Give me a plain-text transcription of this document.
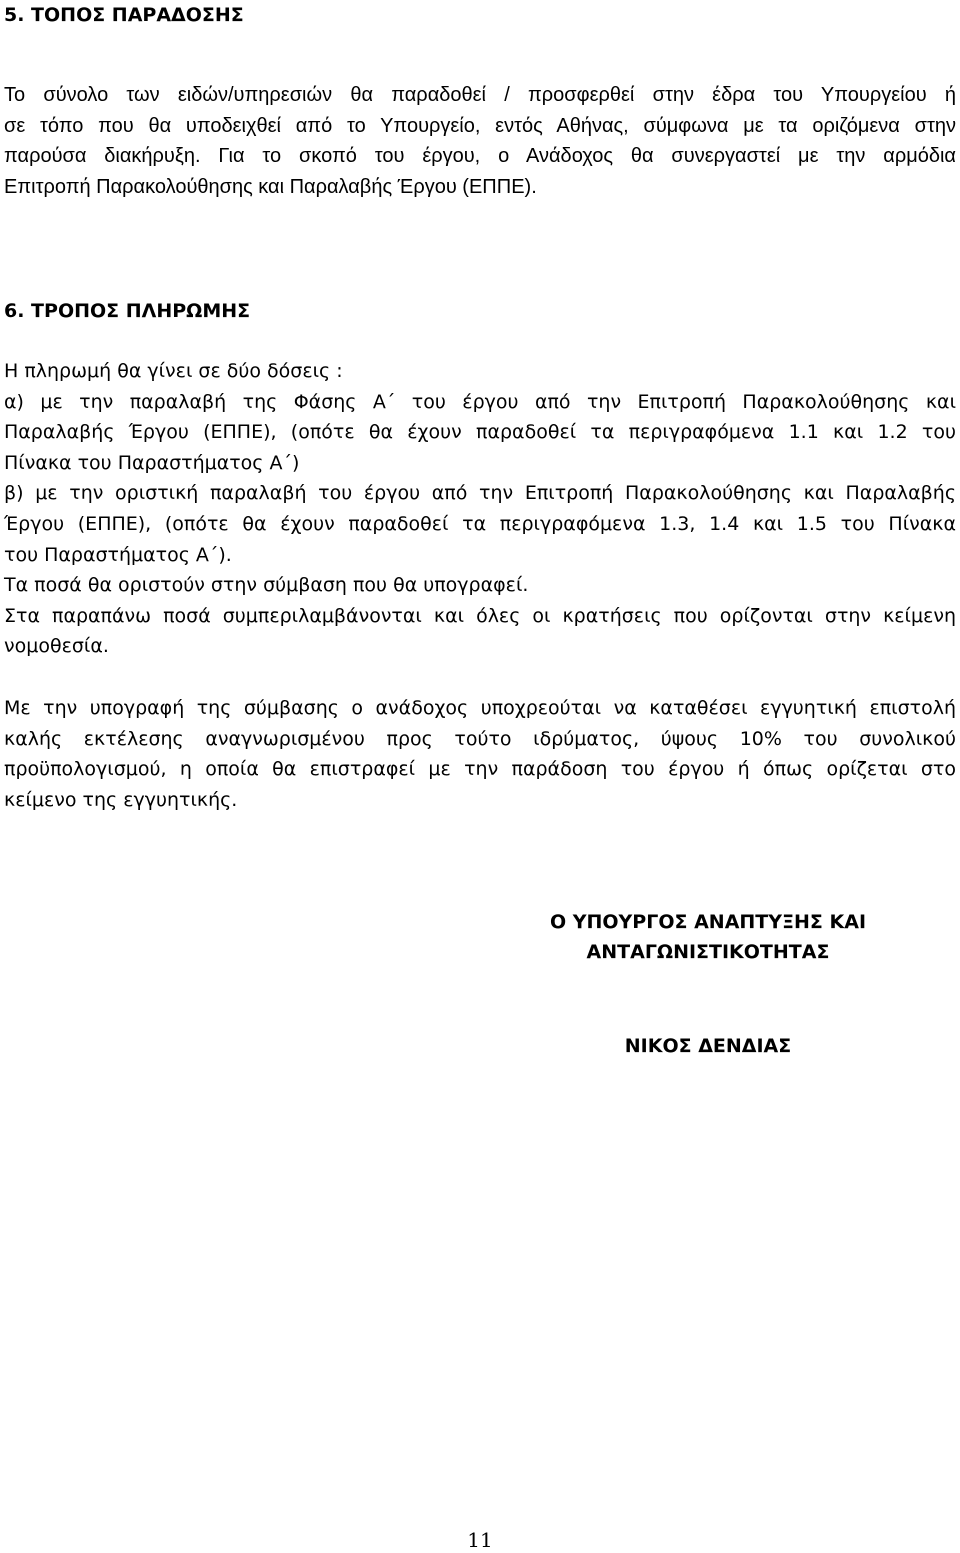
5. ΤΟΠΟΣ ΠΑΡΑΔΟΣΗΣ
Το σύνολο των ειδών/υπηρεσιών θα παραδοθεί / προσφερθεί στην έδρα του Υπουργείου ή
σε τόπο που θα υποδειχθεί από το Υπουργείο, εντός Αθήνας, σύμφωνα με τα οριζόμενα στην
παρούσα διακήρυξη. Για το σκοπό του έργου, ο Ανάδοχος θα συνεργαστεί με την αρμόδια
Επιτροπή Παρακολούθησης και Παραλαβής Έργου (ΕΠΠΕ).
6. ΤΡΟΠΟΣ ΠΛΗΡΩΜΗΣ
Η πληρωμή θα γίνει σε δύο δόσεις :
α) με την παραλαβή της Φάσης Α΄ του έργου από την Επιτροπή Παρακολούθησης και
Παραλαβής Έργου (ΕΠΠΕ), (οπότε θα έχουν παραδοθεί τα περιγραφόμενα 1.1 και 1.2 του
Πίνακα του Παραστήματος Α΄)
β) με την οριστική παραλαβή του έργου από την Επιτροπή Παρακολούθησης και Παραλαβής
Έργου (ΕΠΠΕ), (οπότε θα έχουν παραδοθεί τα περιγραφόμενα 1.3, 1.4 και 1.5 του Πίνακα
του Παραστήματος Α΄).
Τα ποσά θα οριστούν στην σύμβαση που θα υπογραφεί.
Στα παραπάνω ποσά συμπεριλαμβάνονται και όλες οι κρατήσεις που ορίζονται στην κείμενη
νομοθεσία.
Με την υπογραφή της σύμβασης ο ανάδοχος υποχρεούται να καταθέσει εγγυητική επιστολή
καλής εκτέλεσης αναγνωρισμένου προς τούτο ιδρύματος, ύψους 10% του συνολικού
προϋπολογισμού, η οποία θα επιστραφεί με την παράδοση του έργου ή όπως ορίζεται στο
κείμενο της εγγυητικής.
Ο ΥΠΟΥΡΓΟΣ ΑΝΑΠΤΥΞΗΣ ΚΑΙ
ΑΝΤΑΓΩΝΙΣΤΙΚΟΤΗΤΑΣ
ΝΙΚΟΣ ΔΕΝΔΙΑΣ
11
